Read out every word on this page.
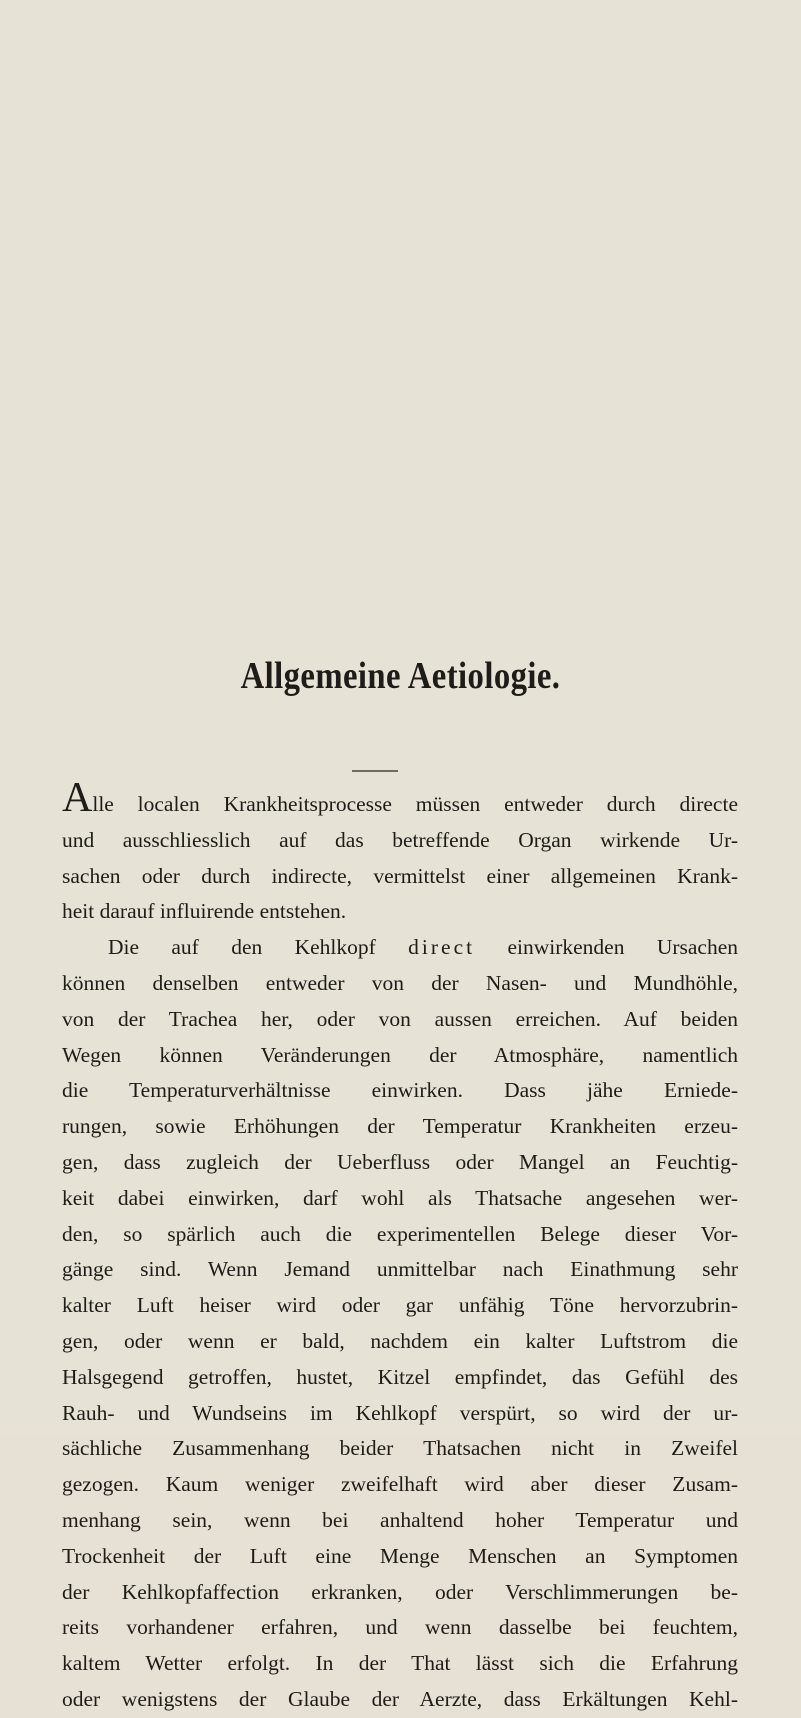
Allgemeine Aetiologie.
Alle localen Krankheitsprocesse müssen entweder durch directe
und ausschliesslich auf das betreffende Organ wirkende Ur-
sachen oder durch indirecte, vermittelst einer allgemeinen Krank-
heit darauf influirende entstehen.
Die auf den Kehlkopf direct einwirkenden Ursachen
können denselben entweder von der Nasen- und Mundhöhle,
von der Trachea her, oder von aussen erreichen. Auf beiden
Wegen können Veränderungen der Atmosphäre, namentlich
die Temperaturverhältnisse einwirken. Dass jähe Erniede-
rungen, sowie Erhöhungen der Temperatur Krankheiten erzeu-
gen, dass zugleich der Ueberfluss oder Mangel an Feuchtig-
keit dabei einwirken, darf wohl als Thatsache angesehen wer-
den, so spärlich auch die experimentellen Belege dieser Vor-
gänge sind. Wenn Jemand unmittelbar nach Einathmung sehr
kalter Luft heiser wird oder gar unfähig Töne hervorzubrin-
gen, oder wenn er bald, nachdem ein kalter Luftstrom die
Halsgegend getroffen, hustet, Kitzel empfindet, das Gefühl des
Rauh- und Wundseins im Kehlkopf verspürt, so wird der ur-
sächliche Zusammenhang beider Thatsachen nicht in Zweifel
gezogen. Kaum weniger zweifelhaft wird aber dieser Zusam-
menhang sein, wenn bei anhaltend hoher Temperatur und
Trockenheit der Luft eine Menge Menschen an Symptomen
der Kehlkopfaffection erkranken, oder Verschlimmerungen be-
reits vorhandener erfahren, und wenn dasselbe bei feuchtem,
kaltem Wetter erfolgt. In der That lässt sich die Erfahrung
oder wenigstens der Glaube der Aerzte, dass Erkältungen Kehl-
